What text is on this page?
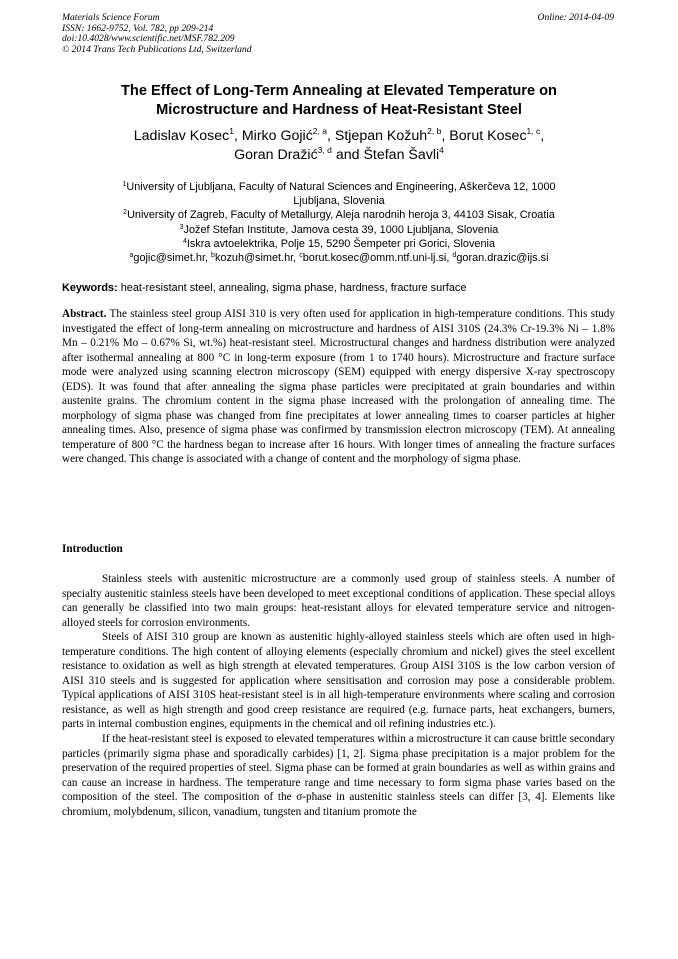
Materials Science Forum
ISSN: 1662-9752, Vol. 782, pp 209-214
doi:10.4028/www.scientific.net/MSF.782.209
© 2014 Trans Tech Publications Ltd, Switzerland
Online: 2014-04-09
The Effect of Long-Term Annealing at Elevated Temperature on
Microstructure and Hardness of Heat-Resistant Steel
Ladislav Kosec$^1$, Mirko Gojić$^{2, a}$, Stjepan Kožuh$^{2, b}$, Borut Kosec$^{1, c}$,
Goran Dražić$^{3, d}$ and Štefan Šavli$^4$
$^1$University of Ljubljana, Faculty of Natural Sciences and Engineering, Aškerčeva 12, 1000
Ljubljana, Slovenia
$^2$University of Zagreb, Faculty of Metallurgy, Aleja narodnih heroja 3, 44103 Sisak, Croatia
$^3$Jožef Stefan Institute, Jamova cesta 39, 1000 Ljubljana, Slovenia
$^4$Iskra avtoelektrika, Polje 15, 5290 Šempeter pri Gorici, Slovenia
$^a$gojic@simet.hr, $^b$kozuh@simet.hr, $^c$borut.kosec@omm.ntf.uni-lj.si, $^d$goran.drazic@ijs.si
Keywords: heat-resistant steel, annealing, sigma phase, hardness, fracture surface
Abstract. The stainless steel group AISI 310 is very often used for application in high-temperature conditions. This study investigated the effect of long-term annealing on microstructure and hardness of AISI 310S (24.3% Cr-19.3% Ni – 1.8% Mn – 0.21% Mo – 0.67% Si, wt.%) heat-resistant steel. Microstructural changes and hardness distribution were analyzed after isothermal annealing at 800 °C in long-term exposure (from 1 to 1740 hours). Microstructure and fracture surface mode were analyzed using scanning electron microscopy (SEM) equipped with energy dispersive X-ray spectroscopy (EDS). It was found that after annealing the sigma phase particles were precipitated at grain boundaries and within austenite grains. The chromium content in the sigma phase increased with the prolongation of annealing time. The morphology of sigma phase was changed from fine precipitates at lower annealing times to coarser particles at higher annealing times. Also, presence of sigma phase was confirmed by transmission electron microscopy (TEM). At annealing temperature of 800 °C the hardness began to increase after 16 hours. With longer times of annealing the fracture surfaces were changed. This change is associated with a change of content and the morphology of sigma phase.
Introduction

Stainless steels with austenitic microstructure are a commonly used group of stainless steels. A number of specialty austenitic stainless steels have been developed to meet exceptional conditions of application. These special alloys can generally be classified into two main groups: heat-resistant alloys for elevated temperature service and nitrogen-alloyed steels for corrosion environments.

Steels of AISI 310 group are known as austenitic highly-alloyed stainless steels which are often used in high-temperature conditions. The high content of alloying elements (especially chromium and nickel) gives the steel excellent resistance to oxidation as well as high strength at elevated temperatures. Group AISI 310S is the low carbon version of AISI 310 steels and is suggested for application where sensitisation and corrosion may pose a considerable problem. Typical applications of AISI 310S heat-resistant steel is in all high-temperature environments where scaling and corrosion resistance, as well as high strength and good creep resistance are required (e.g. furnace parts, heat exchangers, burners, parts in internal combustion engines, equipments in the chemical and oil refining industries etc.).

If the heat-resistant steel is exposed to elevated temperatures within a microstructure it can cause brittle secondary particles (primarily sigma phase and sporadically carbides) [1, 2]. Sigma phase precipitation is a major problem for the preservation of the required properties of steel. Sigma phase can be formed at grain boundaries as well as within grains and can cause an increase in hardness. The temperature range and time necessary to form sigma phase varies based on the composition of the steel. The composition of the σ-phase in austenitic stainless steels can differ [3, 4]. Elements like chromium, molybdenum, silicon, vanadium, tungsten and titanium promote the
